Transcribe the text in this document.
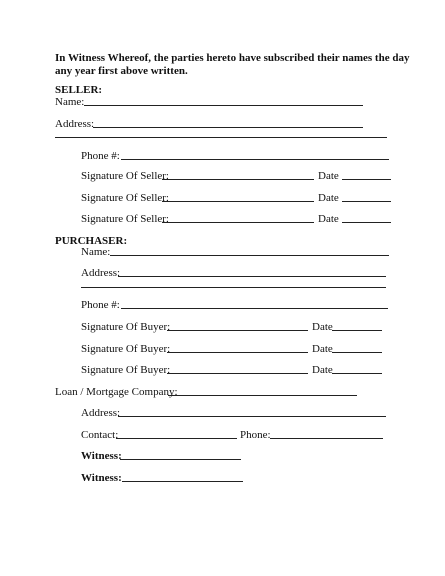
In Witness Whereof, the parties hereto have subscribed their names the day
any year first above written.
SELLER:
Name:
Address:
Phone #:
Signature Of Seller:	Date
Signature Of Seller:	Date
Signature Of Seller:	Date
PURCHASER:
Name:
Address:
Phone #:
Signature Of Buyer:	Date
Signature Of Buyer:	Date
Signature Of Buyer:	Date
Loan / Mortgage Company:
Address:
Contact:	Phone:
Witness:
Witness:
